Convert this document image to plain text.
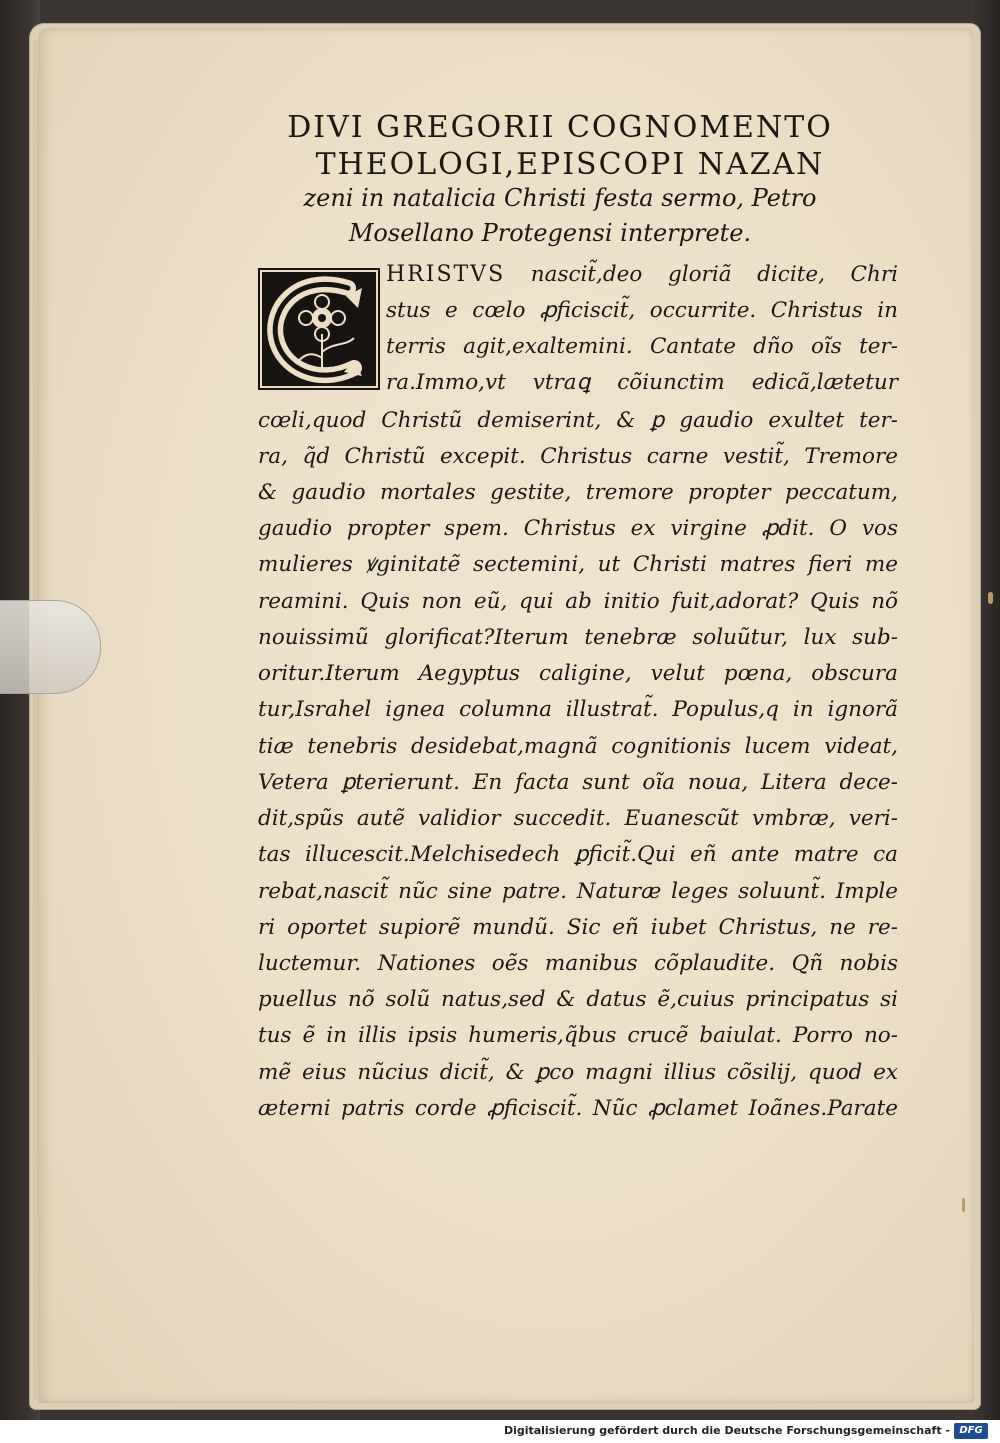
DIVI GREGORII COGNOMENTO
THEOLOGI,EPISCOPI NAZAN
zeni in natalicia Christi festa sermo, Petro
Mosellano Protegensi interprete.
HRISTVS nascit̃,deo gloriã dicite, Chri
stus e cœlo ꝓficiscit̃, occurrite. Christus in
terris agit,exaltemini. Cantate dño oĩs ter-
ra.Immo,vt vtraꝗ cõiunctim edicã,lætetur
cœli,quod Christũ demiserint, & ꝑ gaudio exultet ter-
ra, q̃d Christũ excepit. Christus carne vestit̃, Tremore
& gaudio mortales gestite, tremore propter peccatum,
gaudio propter spem. Christus ex virgine ꝓdit. O vos
mulieres ꝟginitatẽ sectemini, ut Christi matres fieri me
reamini. Quis non eũ, qui ab initio fuit,adorat? Quis nõ
nouissimũ glorificat?Iterum tenebræ soluũtur, lux sub-
oritur.Iterum Aegyptus caligine, velut pœna, obscura
tur,Israhel ignea columna illustrat̃. Populus,q in ignorã
tiæ tenebris desidebat,magnã cognitionis lucem videat,
Vetera ꝑterierunt. En facta sunt oĩa noua, Litera dece-
dit,spũs autẽ validior succedit. Euanescũt vmbræ, veri-
tas illucescit.Melchisedech ꝑficit̃.Qui eñ ante matre ca
rebat,nascit̃ nũc sine patre. Naturæ leges soluunt̃. Imple
ri oportet supiorẽ mundũ. Sic eñ iubet Christus, ne re-
luctemur. Nationes oẽs manibus cõplaudite. Qñ nobis
puellus nõ solũ natus,sed & datus ẽ,cuius principatus si
tus ẽ in illis ipsis humeris,q̃bus crucẽ baiulat. Porro no-
mẽ eius nũcius dicit̃, & ꝑco magni illius cõsilij, quod ex
æterni patris corde ꝓficiscit̃. Nũc ꝓclamet Ioãnes.Parate
Digitalisierung gefördert durch die Deutsche Forschungsgemeinschaft - DFG
